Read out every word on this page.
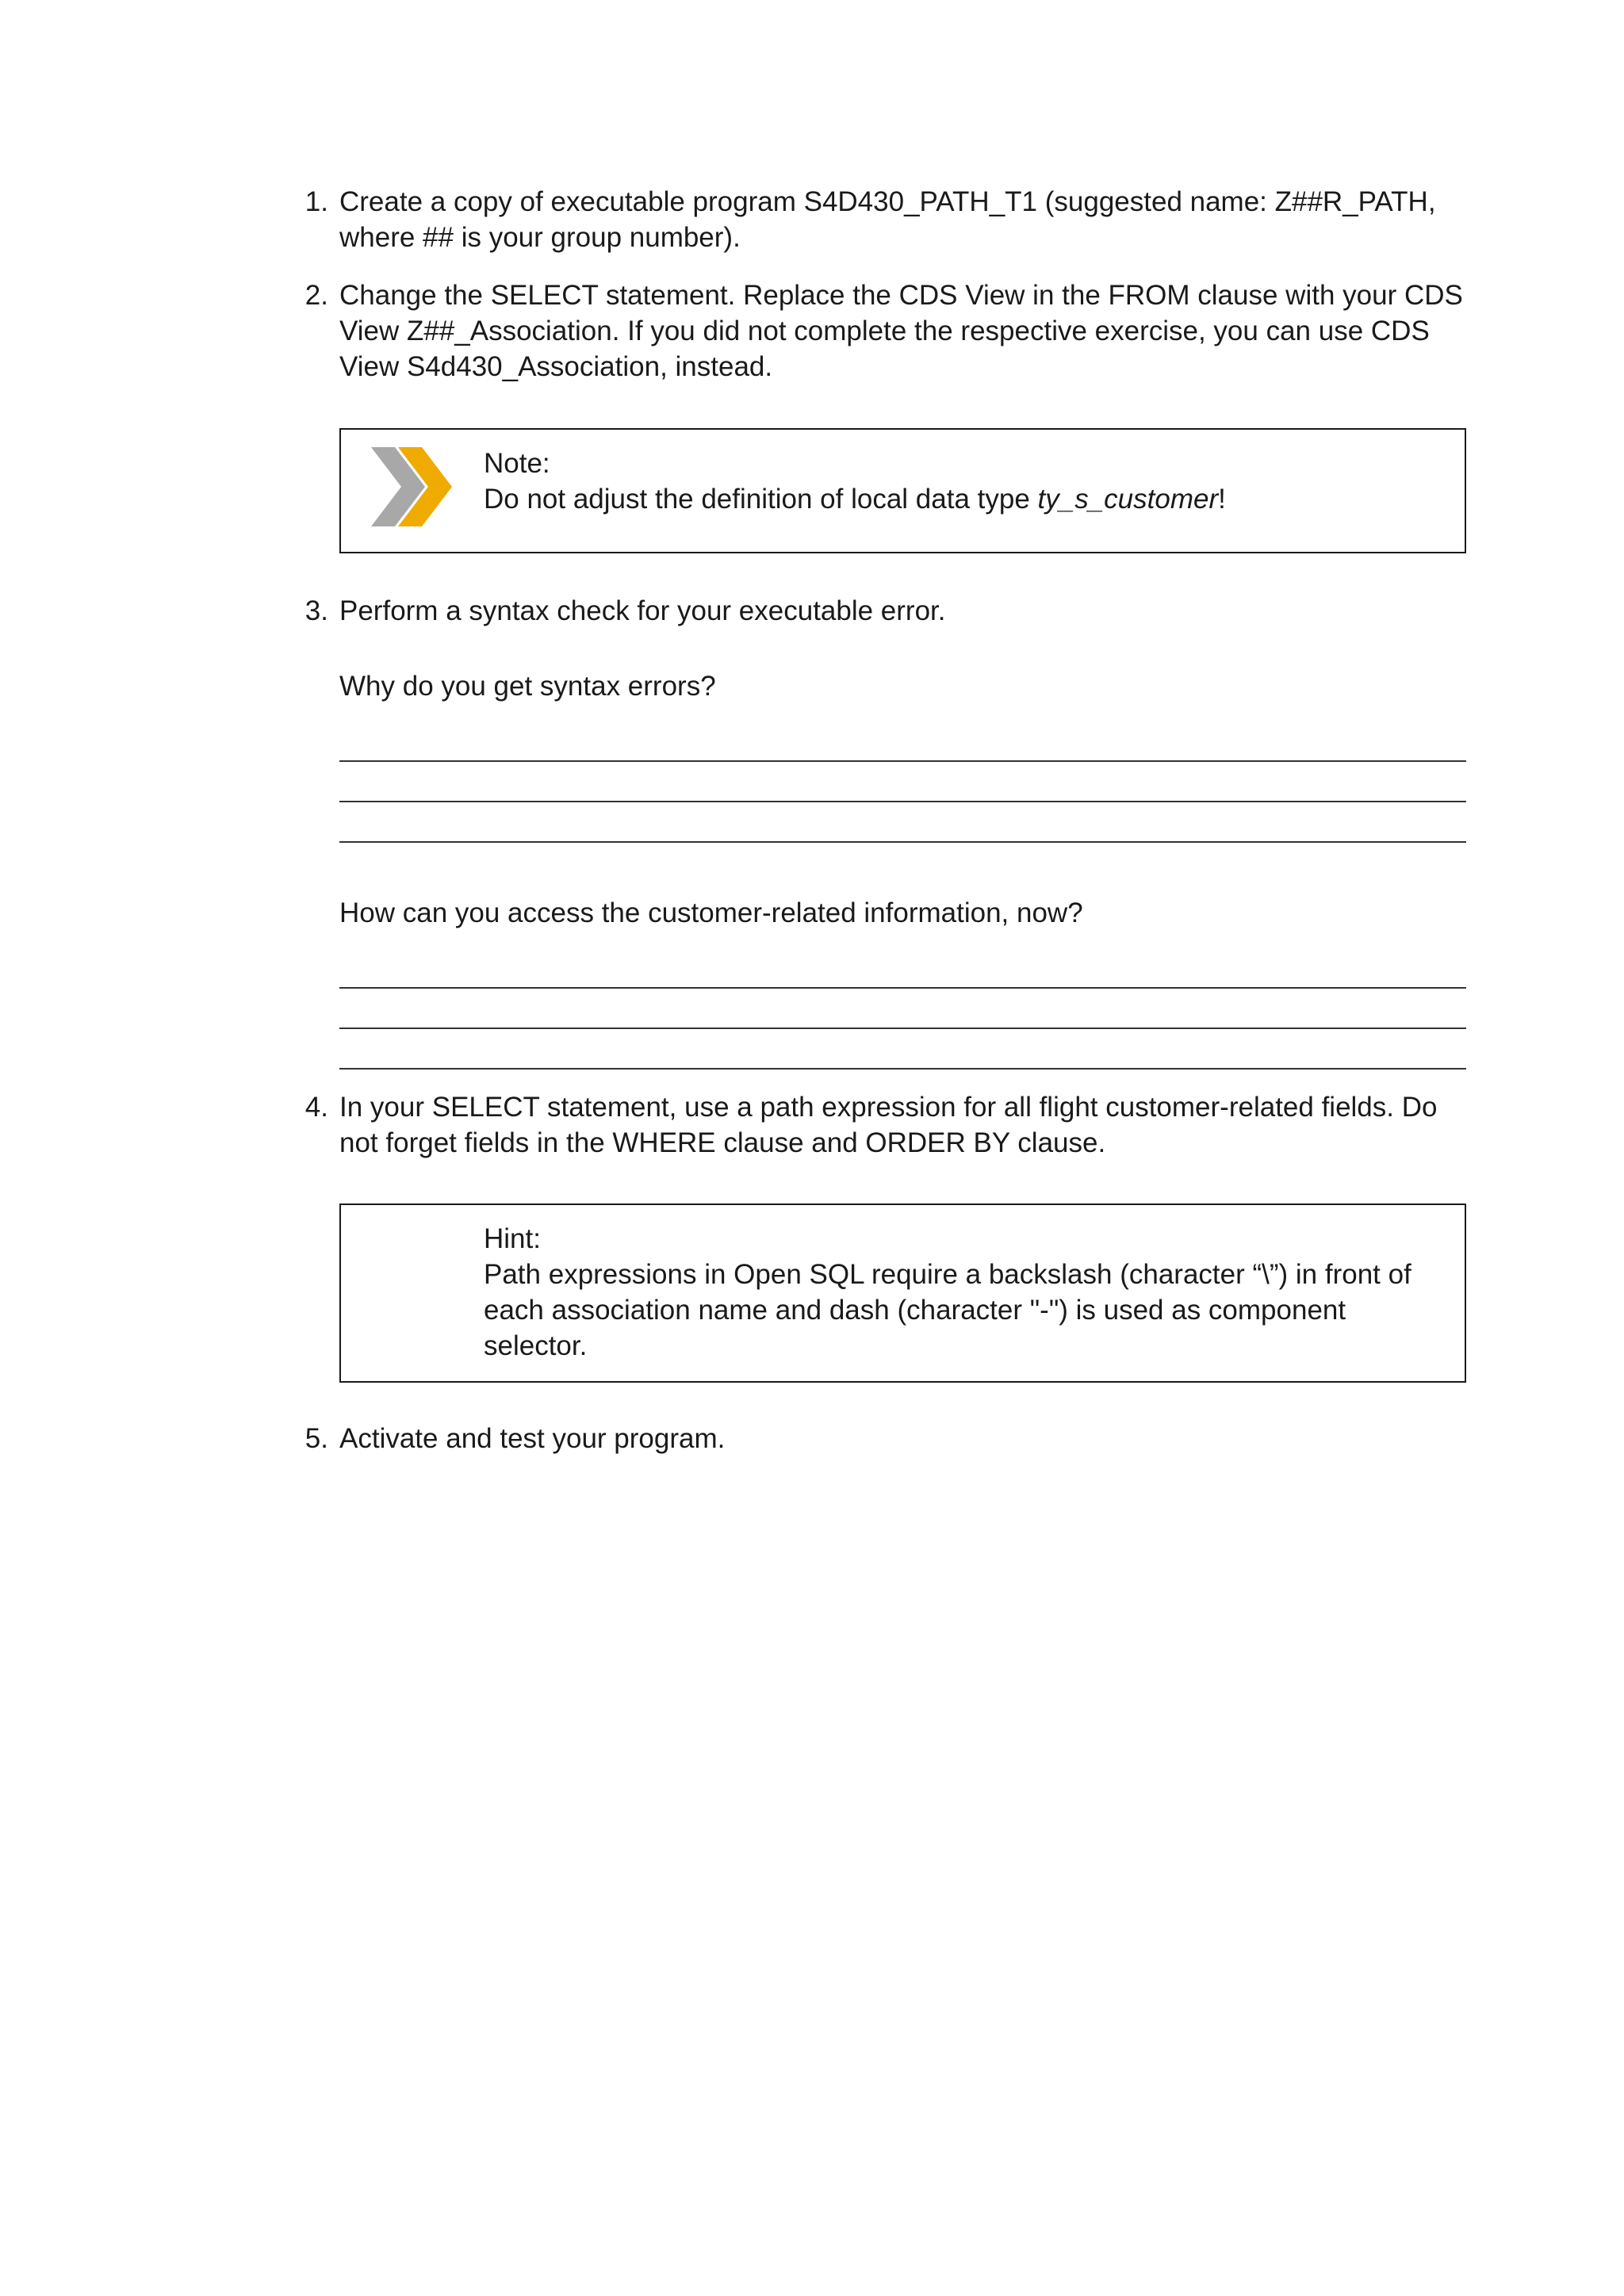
1. Create a copy of executable program S4D430_PATH_T1 (suggested name: Z##R_PATH,
where ## is your group number).
2. Change the SELECT statement. Replace the CDS View in the FROM clause with your CDS
View Z##_Association. If you did not complete the respective exercise, you can use CDS
View S4d430_Association, instead.
Note:
Do not adjust the definition of local data type ty_s_customer!
3. Perform a syntax check for your executable error.
Why do you get syntax errors?
How can you access the customer-related information, now?
4. In your SELECT statement, use a path expression for all flight customer-related fields. Do
not forget fields in the WHERE clause and ORDER BY clause.
Hint:
Path expressions in Open SQL require a backslash (character “\”) in front of
each association name and dash (character "-") is used as component
selector.
5. Activate and test your program.
